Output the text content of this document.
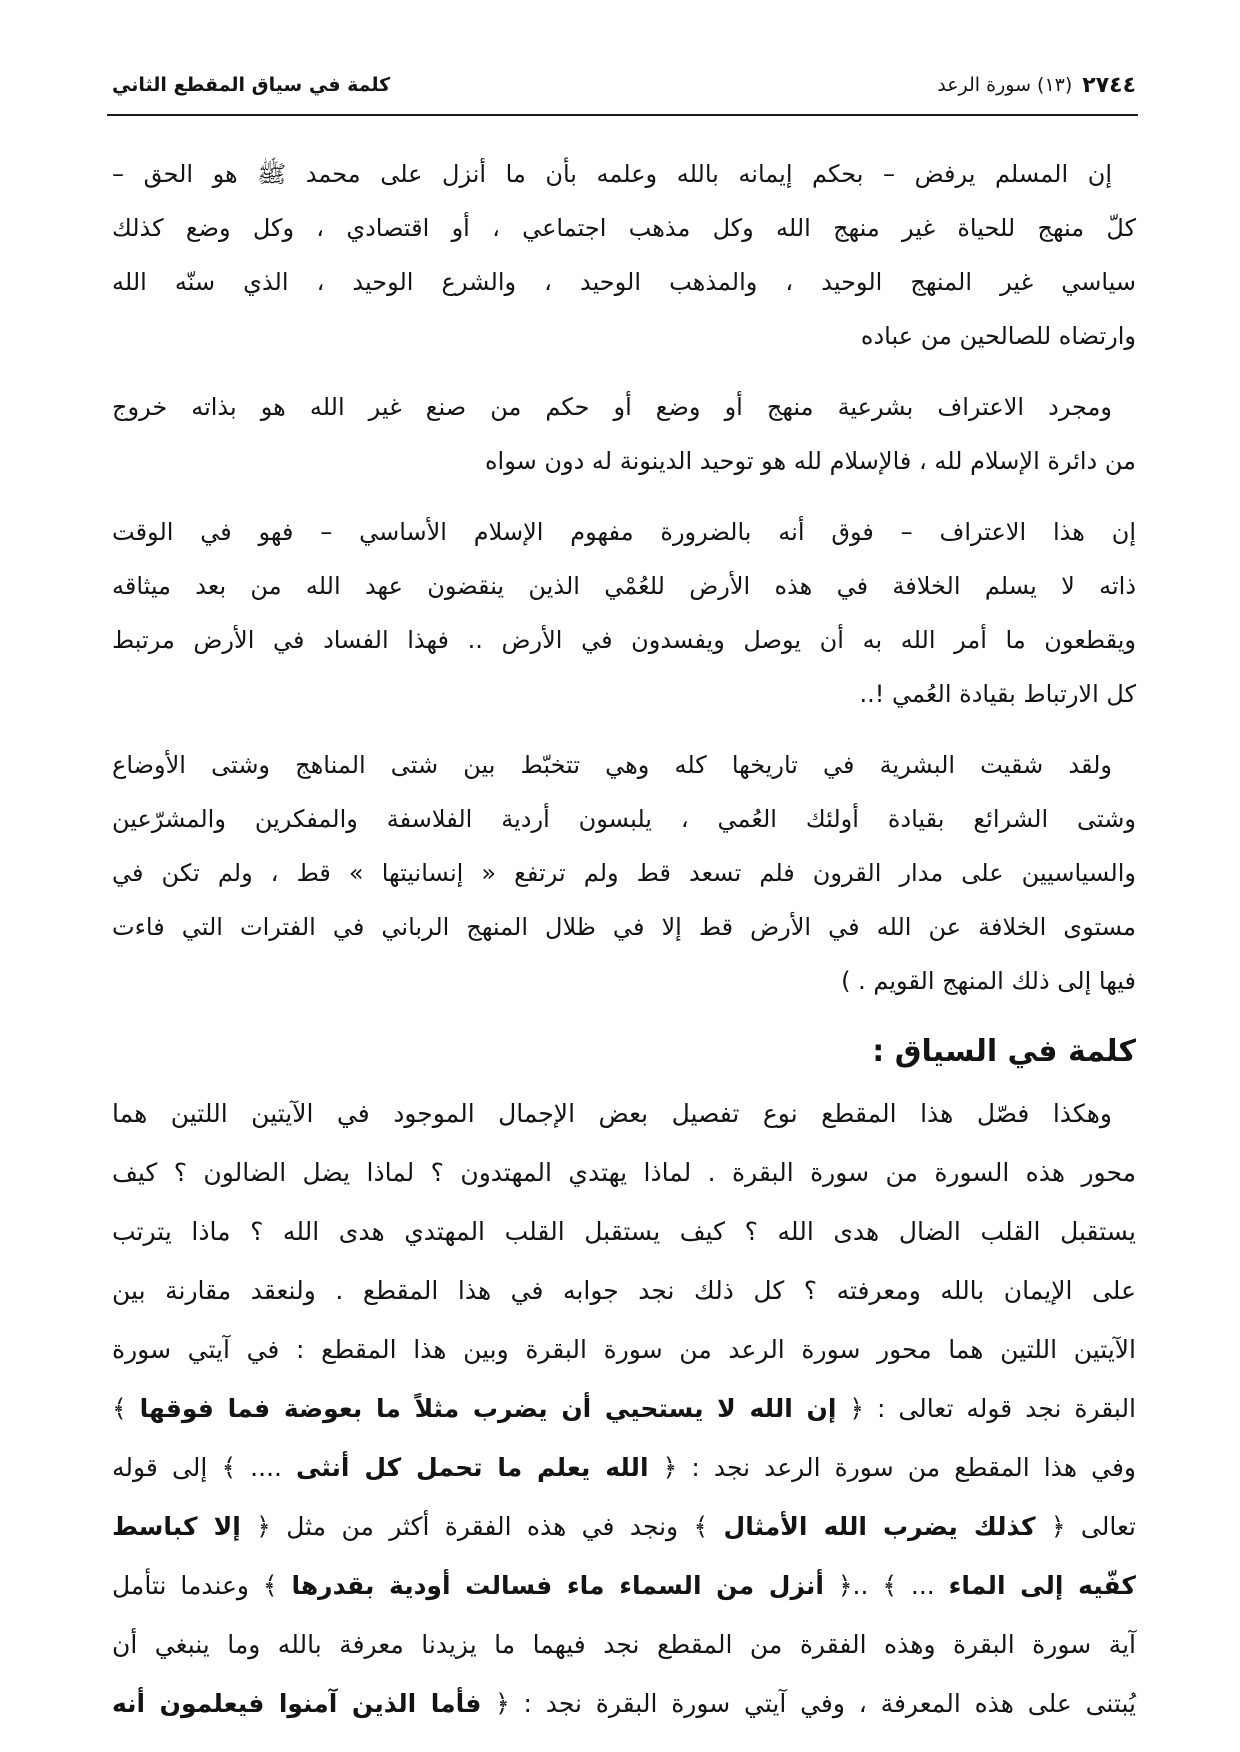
٢٧٤٤
(١٣) سورة الرعد
كلمة في سياق المقطع الثاني
إن المسلم يرفض – بحكم إيمانه بالله وعلمه بأن ما أنزل على محمد ﷺ هو الحق –
كلّ منهج للحياة غير منهج الله وكل مذهب اجتماعي ، أو اقتصادي ، وكل وضع كذلك
سياسي غير المنهج الوحيد ، والمذهب الوحيد ، والشرع الوحيد ، الذي سنّه الله
وارتضاه للصالحين من عباده
ومجرد الاعتراف بشرعية منهج أو وضع أو حكم من صنع غير الله هو بذاته خروج
من دائرة الإسلام لله ، فالإسلام لله هو توحيد الدينونة له دون سواه
إن هذا الاعتراف – فوق أنه بالضرورة مفهوم الإسلام الأساسي – فهو في الوقت
ذاته لا يسلم الخلافة في هذه الأرض للعُمْي الذين ينقضون عهد الله من بعد ميثاقه
ويقطعون ما أمر الله به أن يوصل ويفسدون في الأرض .. فهذا الفساد في الأرض مرتبط
كل الارتباط بقيادة العُمي !..
ولقد شقيت البشرية في تاريخها كله وهي تتخبّط بين شتى المناهج وشتى الأوضاع
وشتى الشرائع بقيادة أولئك العُمي ، يلبسون أردية الفلاسفة والمفكرين والمشرّعين
والسياسيين على مدار القرون فلم تسعد قط ولم ترتفع « إنسانيتها » قط ، ولم تكن في
مستوى الخلافة عن الله في الأرض قط إلا في ظلال المنهج الرباني في الفترات التي فاءت
فيها إلى ذلك المنهج القويم . )
كلمة في السياق :
وهكذا فصّل هذا المقطع نوع تفصيل بعض الإجمال الموجود في الآيتين اللتين هما
محور هذه السورة من سورة البقرة . لماذا يهتدي المهتدون ؟ لماذا يضل الضالون ؟ كيف
يستقبل القلب الضال هدى الله ؟ كيف يستقبل القلب المهتدي هدى الله ؟ ماذا يترتب
على الإيمان بالله ومعرفته ؟ كل ذلك نجد جوابه في هذا المقطع . ولنعقد مقارنة بين
الآيتين اللتين هما محور سورة الرعد من سورة البقرة وبين هذا المقطع : في آيتي سورة
البقرة نجد قوله تعالى : ﴿ إن الله لا يستحيي أن يضرب مثلاً ما بعوضة فما فوقها ﴾
وفي هذا المقطع من سورة الرعد نجد : ﴿ الله يعلم ما تحمل كل أنثى .... ﴾ إلى قوله
تعالى ﴿ كذلك يضرب الله الأمثال ﴾ ونجد في هذه الفقرة أكثر من مثل ﴿ إلا كباسط
كفّيه إلى الماء ... ﴾ ..﴿ أنزل من السماء ماء فسالت أودية بقدرها ﴾ وعندما نتأمل
آية سورة البقرة وهذه الفقرة من المقطع نجد فيهما ما يزيدنا معرفة بالله وما ينبغي أن
يُبتنى على هذه المعرفة ، وفي آيتي سورة البقرة نجد : ﴿ فأما الذين آمنوا فيعلمون أنه
